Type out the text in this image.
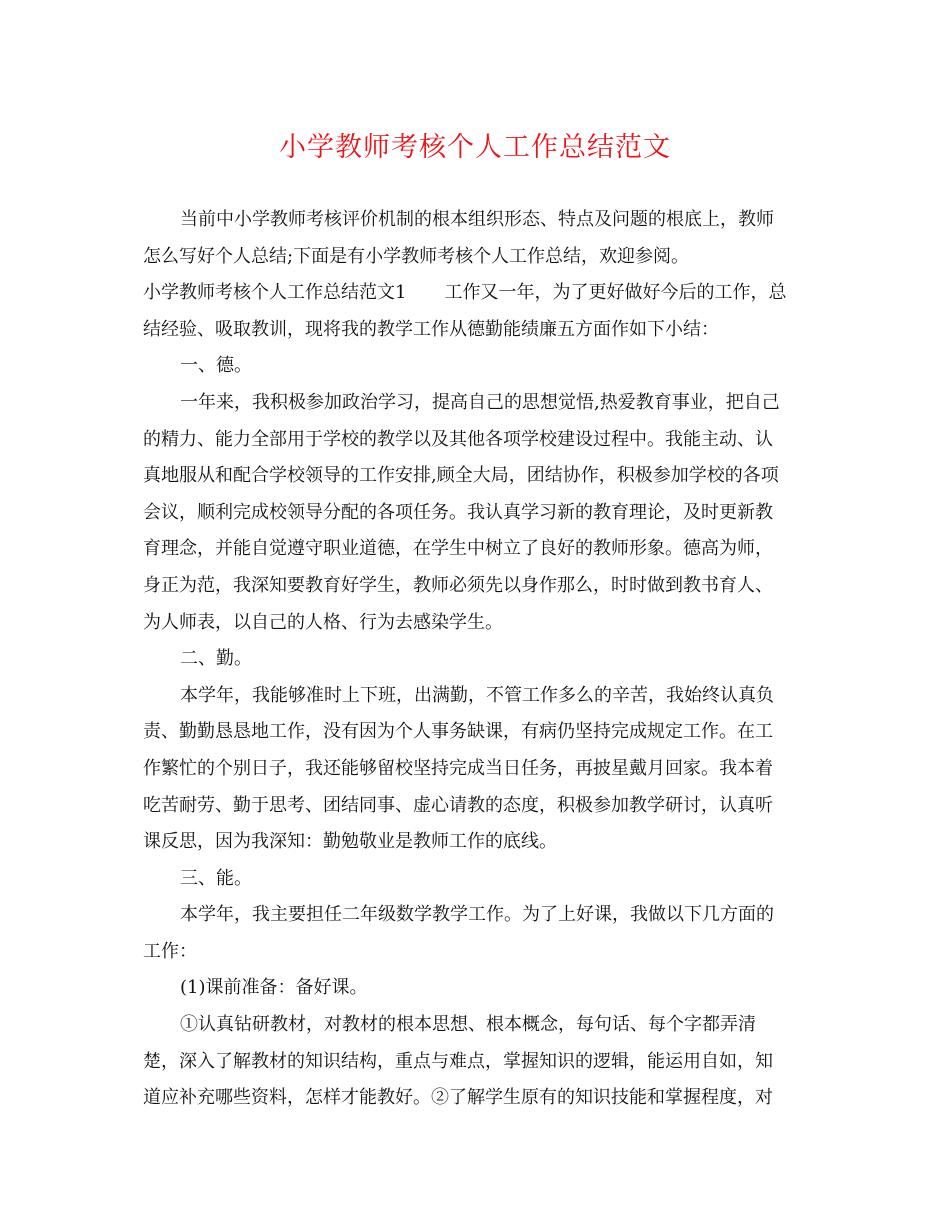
小学教师考核个人工作总结范文
当前中小学教师考核评价机制的根本组织形态、特点及问题的根底上，教师
怎么写好个人总结;下面是有小学教师考核个人工作总结，欢迎参阅。
小学教师考核个人工作总结范文1 工作又一年，为了更好做好今后的工作，总
结经验、吸取教训，现将我的教学工作从德勤能绩廉五方面作如下小结：
一、德。
一年来，我积极参加政治学习，提高自己的思想觉悟,热爱教育事业，把自己
的精力、能力全部用于学校的教学以及其他各项学校建设过程中。我能主动、认
真地服从和配合学校领导的工作安排,顾全大局，团结协作，积极参加学校的各项
会议，顺利完成校领导分配的各项任务。我认真学习新的教育理论，及时更新教
育理念，并能自觉遵守职业道德，在学生中树立了良好的教师形象。德高为师，
身正为范，我深知要教育好学生，教师必须先以身作那么，时时做到教书育人、
为人师表，以自己的人格、行为去感染学生。
二、勤。
本学年，我能够准时上下班，出满勤，不管工作多么的辛苦，我始终认真负
责、勤勤恳恳地工作，没有因为个人事务缺课，有病仍坚持完成规定工作。在工
作繁忙的个别日子，我还能够留校坚持完成当日任务，再披星戴月回家。我本着
吃苦耐劳、勤于思考、团结同事、虚心请教的态度，积极参加教学研讨，认真听
课反思，因为我深知：勤勉敬业是教师工作的底线。
三、能。
本学年，我主要担任二年级数学教学工作。为了上好课，我做以下几方面的
工作：
(1)课前准备：备好课。
①认真钻研教材，对教材的根本思想、根本概念，每句话、每个字都弄清
楚，深入了解教材的知识结构，重点与难点，掌握知识的逻辑，能运用自如，知
道应补充哪些资料，怎样才能教好。②了解学生原有的知识技能和掌握程度，对
